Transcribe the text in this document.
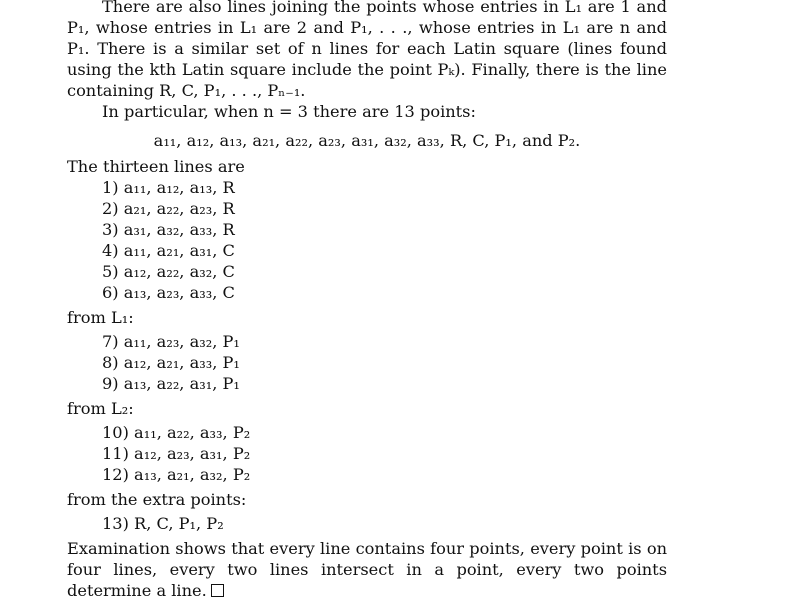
There are also lines joining the points whose entries in L₁ are 1 and P₁, whose entries in L₁ are 2 and P₁, . . ., whose entries in L₁ are n and P₁. There is a similar set of n lines for each Latin square (lines found using the kth Latin square include the point Pₖ). Finally, there is the line containing R, C, P₁, . . ., Pₙ₋₁.

In particular, when n = 3 there are 13 points:

a₁₁, a₁₂, a₁₃, a₂₁, a₂₂, a₂₃, a₃₁, a₃₂, a₃₃, R, C, P₁, and P₂.

The thirteen lines are

1) a₁₁, a₁₂, a₁₃, R
2) a₂₁, a₂₂, a₂₃, R
3) a₃₁, a₃₂, a₃₃, R
4) a₁₁, a₂₁, a₃₁, C
5) a₁₂, a₂₂, a₃₂, C
6) a₁₃, a₂₃, a₃₃, C

from L₁:

7) a₁₁, a₂₃, a₃₂, P₁
8) a₁₂, a₂₁, a₃₃, P₁
9) a₁₃, a₂₂, a₃₁, P₁

from L₂:

10) a₁₁, a₂₂, a₃₃, P₂
11) a₁₂, a₂₃, a₃₁, P₂
12) a₁₃, a₂₁, a₃₂, P₂

from the extra points:

13) R, C, P₁, P₂

Examination shows that every line contains four points, every point is on four lines, every two lines intersect in a point, every two points determine a line.
